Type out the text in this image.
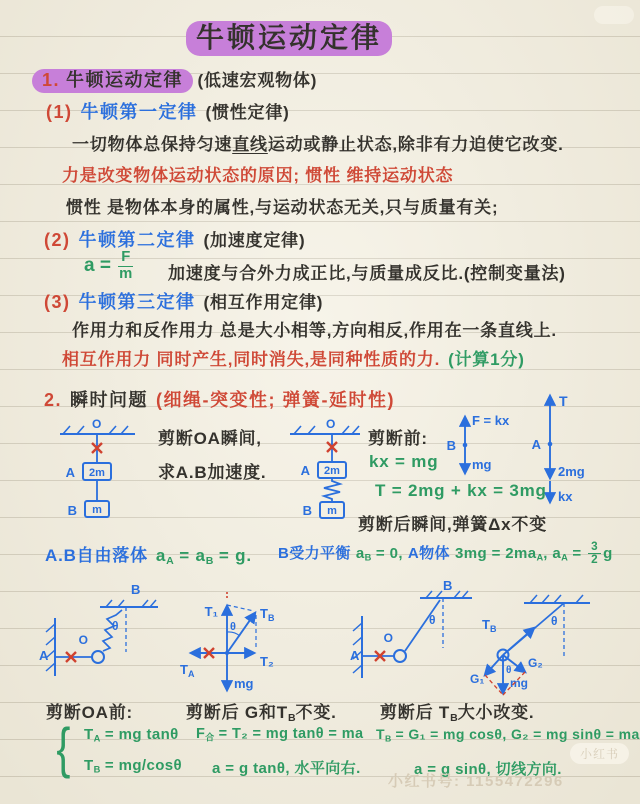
牛顿运动定律
1. 牛顿运动定律 (低速宏观物体)
(1) 牛顿第一定律 (惯性定律)
一切物体总保持匀速直线运动或静止状态,除非有力迫使它改变.
力是改变物体运动状态的原因; 惯性 维持运动状态
惯性 是物体本身的属性,与运动状态无关,只与质量有关;
(2) 牛顿第二定律 (加速度定律)
$a = \frac{F}{m}$ 加速度与合外力成正比,与质量成反比.(控制变量法)
(3) 牛顿第三定律 (相互作用定律)
作用力和反作用力 总是大小相等,方向相反,作用在一条直线上.
相互作用力 同时产生,同时消失,是同种性质的力. (计算1分)
2. 瞬时问题 (细绳-突变性; 弹簧-延时性)
O
2m
A
m
B
剪断OA瞬间,
求A.B加速度.
O
2m
A
m
B
剪断前:
F = kx
mg
B
T
2mg
kx
A
kx = mg
T = 2mg + kx = 3mg
剪断后瞬间,弹簧Δx不变
A.B自由落体 $a_A = a_B = g$. B受力平衡 $a_B = 0$, A物体 $3mg = 2ma_A$, $a_A = \frac{3}{2}$ g
A
O
B
θ
T₁	$T_B$
$T_A$
T₂
mg
θ
A
O
B
θ	θ
$T_B$
mg
G₁
G₂
θ
剪断OA前:	剪断后 G和$T_B$不变.	剪断后 $T_B$大小改变.
{ $T_A$ = mg tanθ
$T_B = mg/\cos\theta$
$F_合 = T_2$ = mg tanθ = ma
a = g tanθ, 水平向右.
$T_B = G_1$ = mg cosθ, G₂ = mg sinθ = ma
a = g sinθ, 切线方向.
小红书
小红书号: 1155472296
